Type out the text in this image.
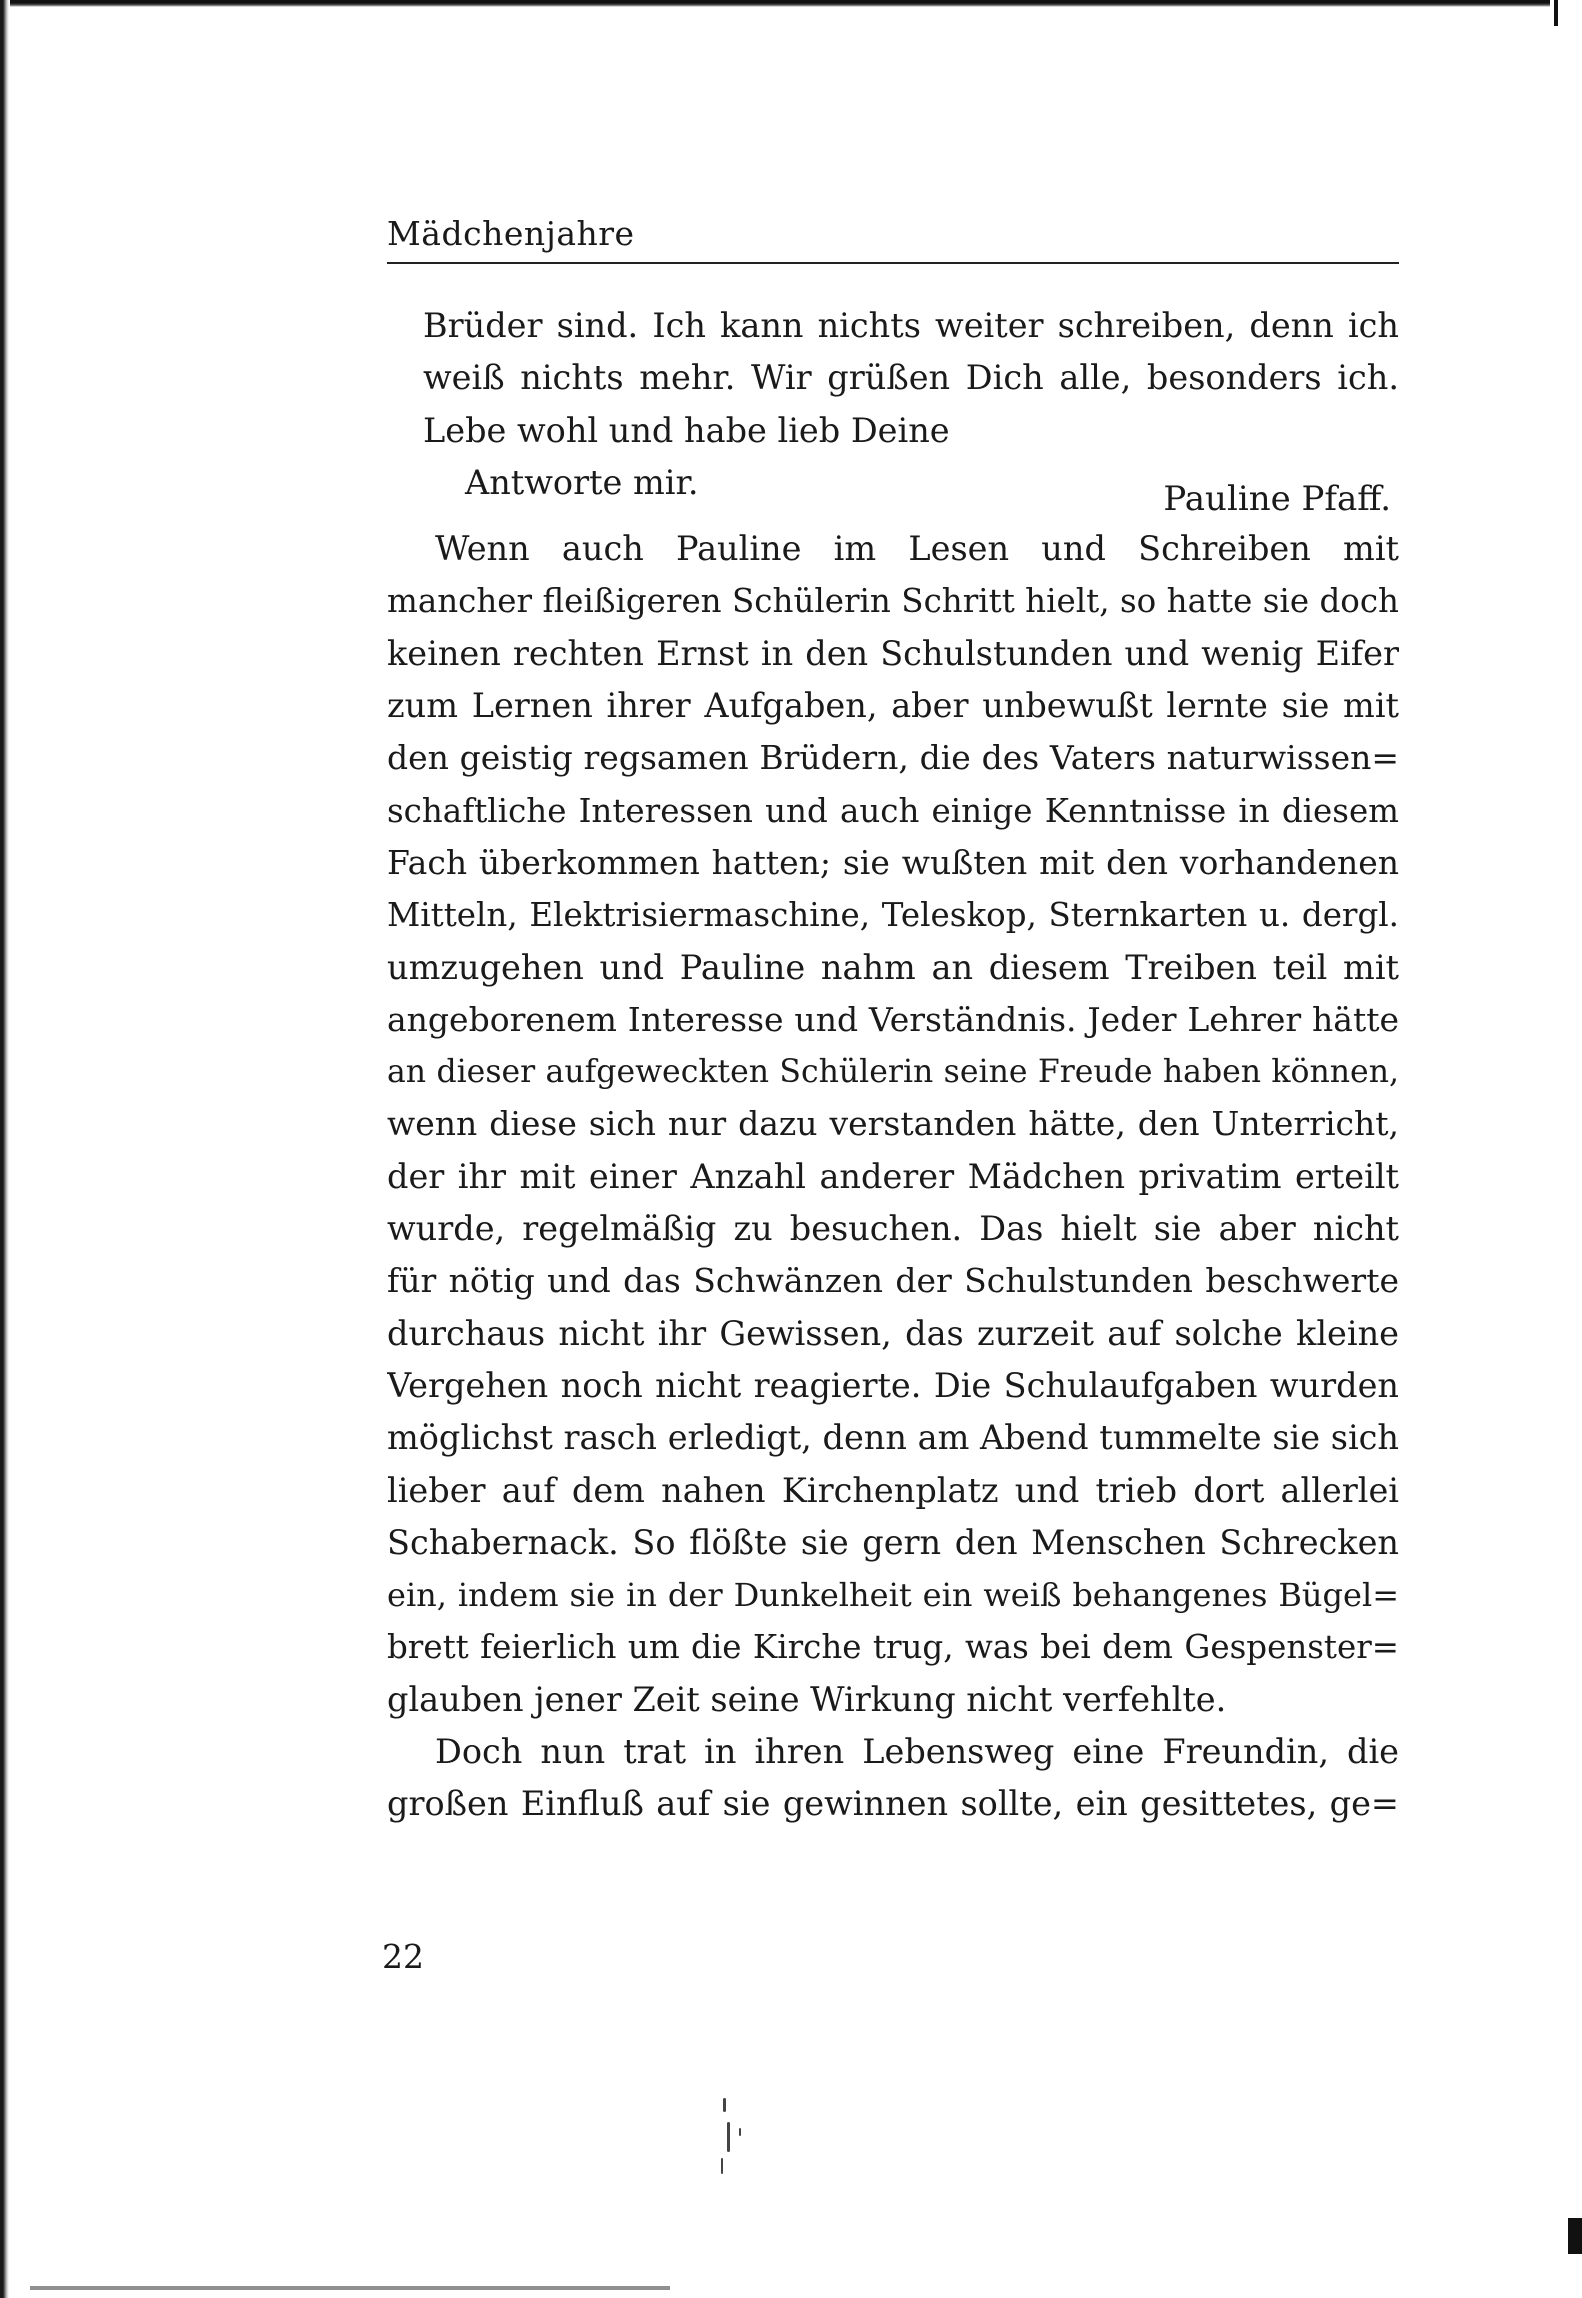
Mädchenjahre
Brüder sind. Ich kann nichts weiter schreiben, denn ich
weiß nichts mehr. Wir grüßen Dich alle, besonders ich.
Lebe wohl und habe lieb Deine
Antworte mir.	Pauline Pfaff.
Wenn auch Pauline im Lesen und Schreiben mit
mancher fleißigeren Schülerin Schritt hielt, so hatte sie doch
keinen rechten Ernst in den Schulstunden und wenig Eifer
zum Lernen ihrer Aufgaben, aber unbewußt lernte sie mit
den geistig regsamen Brüdern, die des Vaters naturwissen=
schaftliche Interessen und auch einige Kenntnisse in diesem
Fach überkommen hatten; sie wußten mit den vorhandenen
Mitteln, Elektrisiermaschine, Teleskop, Sternkarten u. dergl.
umzugehen und Pauline nahm an diesem Treiben teil mit
angeborenem Interesse und Verständnis. Jeder Lehrer hätte
an dieser aufgeweckten Schülerin seine Freude haben können,
wenn diese sich nur dazu verstanden hätte, den Unterricht,
der ihr mit einer Anzahl anderer Mädchen privatim erteilt
wurde, regelmäßig zu besuchen. Das hielt sie aber nicht
für nötig und das Schwänzen der Schulstunden beschwerte
durchaus nicht ihr Gewissen, das zurzeit auf solche kleine
Vergehen noch nicht reagierte. Die Schulaufgaben wurden
möglichst rasch erledigt, denn am Abend tummelte sie sich
lieber auf dem nahen Kirchenplatz und trieb dort allerlei
Schabernack. So flößte sie gern den Menschen Schrecken
ein, indem sie in der Dunkelheit ein weiß behangenes Bügel=
brett feierlich um die Kirche trug, was bei dem Gespenster=
glauben jener Zeit seine Wirkung nicht verfehlte.
Doch nun trat in ihren Lebensweg eine Freundin, die
großen Einfluß auf sie gewinnen sollte, ein gesittetes, ge=
22
